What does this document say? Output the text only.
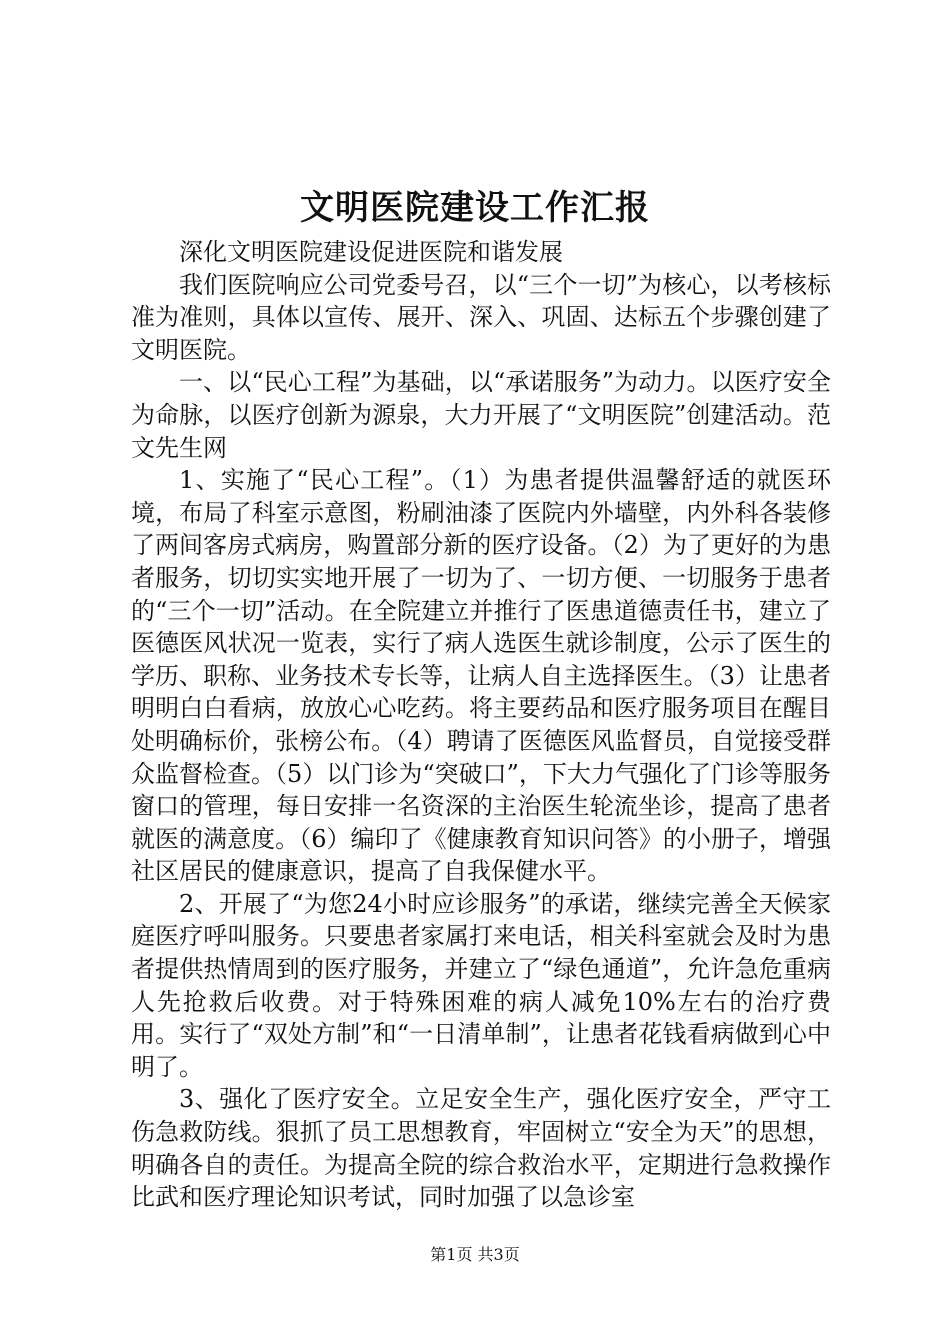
文明医院建设工作汇报

深化文明医院建设促进医院和谐发展

我们医院响应公司党委号召，以“三个一切”为核心，以考核标准为准则，具体以宣传、展开、深入、巩固、达标五个步骤创建了文明医院。

一、以“民心工程”为基础，以“承诺服务”为动力。以医疗安全为命脉，以医疗创新为源泉，大力开展了“文明医院”创建活动。范文先生网

1、实施了“民心工程”。（1）为患者提供温馨舒适的就医环境，布局了科室示意图，粉刷油漆了医院内外墙壁，内外科各装修了两间客房式病房，购置部分新的医疗设备。（2）为了更好的为患者服务，切切实实地开展了一切为了、一切方便、一切服务于患者的“三个一切”活动。在全院建立并推行了医患道德责任书，建立了医德医风状况一览表，实行了病人选医生就诊制度，公示了医生的学历、职称、业务技术专长等，让病人自主选择医生。（3）让患者明明白白看病，放放心心吃药。将主要药品和医疗服务项目在醒目处明确标价，张榜公布。（4）聘请了医德医风监督员，自觉接受群众监督检查。（5）以门诊为“突破口”，下大力气强化了门诊等服务窗口的管理，每日安排一名资深的主治医生轮流坐诊，提高了患者就医的满意度。（6）编印了《健康教育知识问答》的小册子，增强社区居民的健康意识，提高了自我保健水平。

2、开展了“为您24小时应诊服务”的承诺，继续完善全天候家庭医疗呼叫服务。只要患者家属打来电话，相关科室就会及时为患者提供热情周到的医疗服务，并建立了“绿色通道”，允许急危重病人先抢救后收费。对于特殊困难的病人减免10%左右的治疗费用。实行了“双处方制”和“一日清单制”，让患者花钱看病做到心中明了。

3、强化了医疗安全。立足安全生产，强化医疗安全，严守工伤急救防线。狠抓了员工思想教育，牢固树立“安全为天”的思想，明确各自的责任。为提高全院的综合救治水平，定期进行急救操作比武和医疗理论知识考试，同时加强了以急诊室

第1页 共3页
